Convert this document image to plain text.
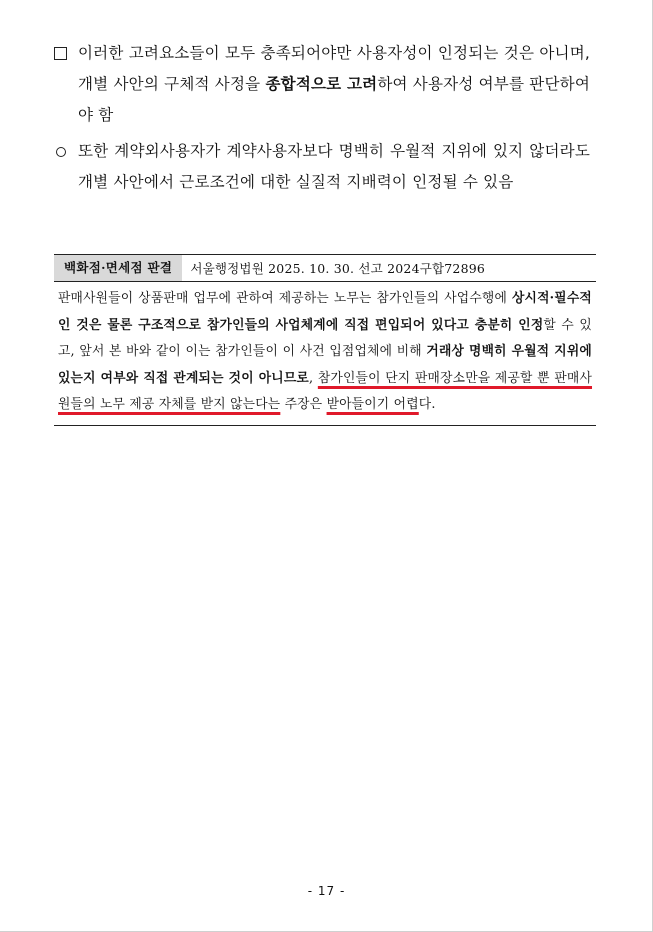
이러한 고려요소들이 모두 충족되어야만 사용자성이 인정되는 것은 아니며, 개별 사안의 구체적 사정을 종합적으로 고려하여 사용자성 여부를 판단하여야 함
또한 계약외사용자가 계약사용자보다 명백히 우월적 지위에 있지 않더라도 개별 사안에서 근로조건에 대한 실질적 지배력이 인정될 수 있음
백화점·면세점 판결	서울행정법원 2025. 10. 30. 선고 2024구합72896
판매사원들이 상품판매 업무에 관하여 제공하는 노무는 참가인들의 사업수행에 상시적·필수적인 것은 물론 구조적으로 참가인들의 사업체계에 직접 편입되어 있다고 충분히 인정할 수 있고, 앞서 본 바와 같이 이는 참가인들이 이 사건 입점업체에 비해 거래상 명백히 우월적 지위에 있는지 여부와 직접 관계되는 것이 아니므로, 참가인들이 단지 판매장소만을 제공할 뿐 판매사원들의 노무 제공 자체를 받지 않는다는 주장은 받아들이기 어렵다.
- 17 -
